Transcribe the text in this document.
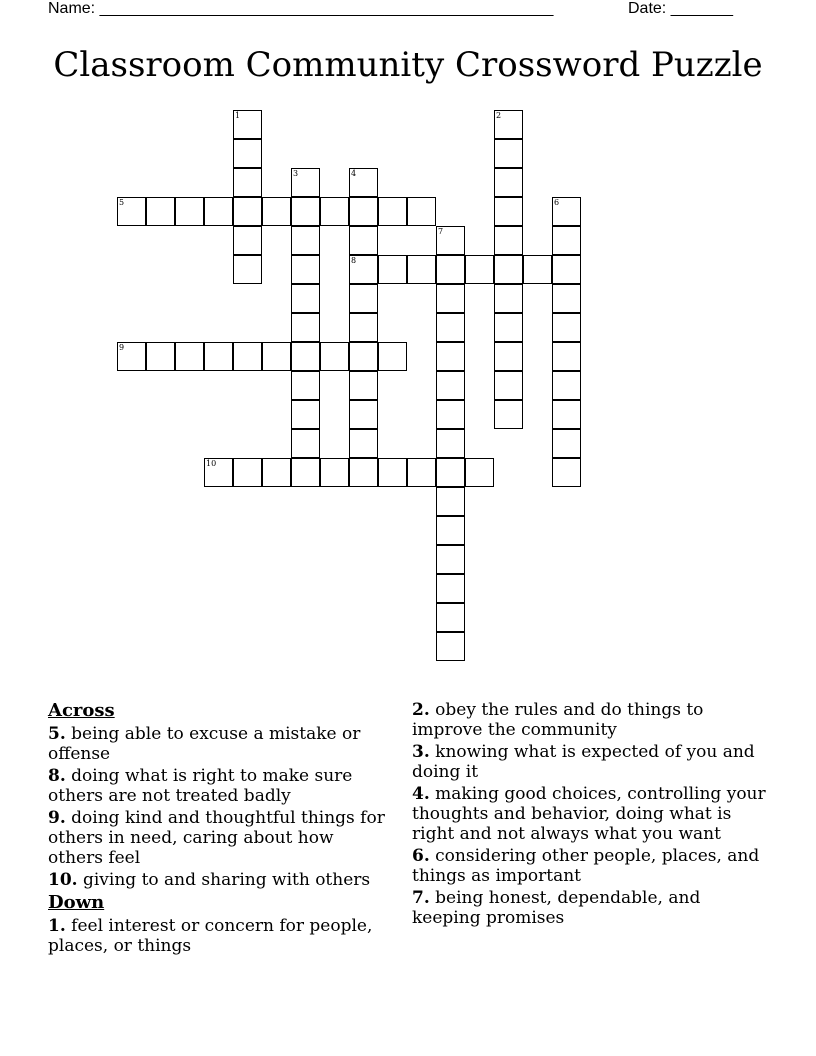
Name: ___________________________________________________

	Date: _______

Classroom Community Crossword Puzzle
1	2
3	4
8
5	6
7
9
10
Across
5. being able to excuse a mistake or offense
8. doing what is right to make sure others are not treated badly
9. doing kind and thoughtful things for others in need, caring about how others feel
10. giving to and sharing with others
Down
1. feel interest or concern for people, places, or things
2. obey the rules and do things to improve the community
3. knowing what is expected of you and doing it
4. making good choices, controlling your thoughts and behavior, doing what is right and not always what you want
6. considering other people, places, and things as important
7. being honest, dependable, and keeping promises
